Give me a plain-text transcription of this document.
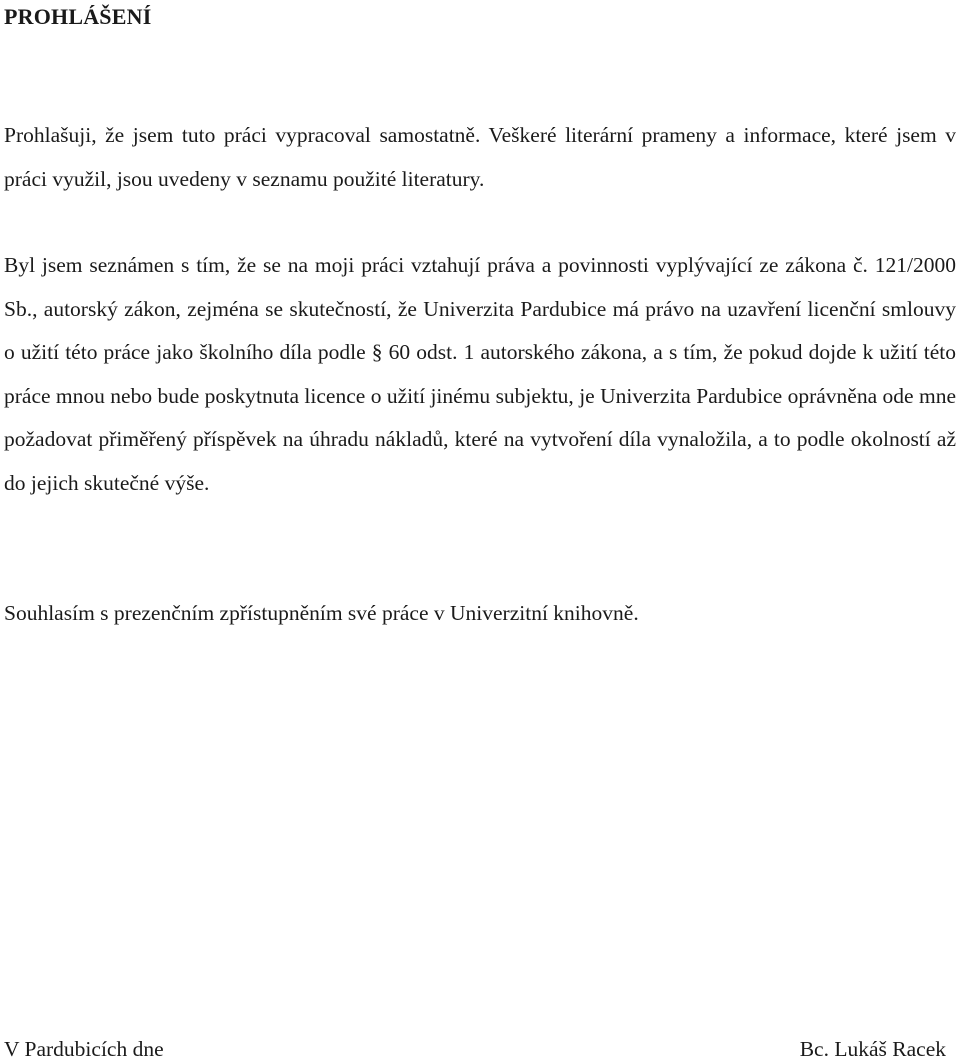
PROHLÁŠENÍ

Prohlašuji, že jsem tuto práci vypracoval samostatně. Veškeré literární prameny a informace, které jsem v práci využil, jsou uvedeny v seznamu použité literatury.

Byl jsem seznámen s tím, že se na moji práci vztahují práva a povinnosti vyplývající ze zákona č. 121/2000 Sb., autorský zákon, zejména se skutečností, že Univerzita Pardubice má právo na uzavření licenční smlouvy o užití této práce jako školního díla podle § 60 odst. 1 autorského zákona, a s tím, že pokud dojde k užití této práce mnou nebo bude poskytnuta licence o užití jinému subjektu, je Univerzita Pardubice oprávněna ode mne požadovat přiměřený příspěvek na úhradu nákladů, které na vytvoření díla vynaložila, a to podle okolností až do jejich skutečné výše.

Souhlasím s prezenčním zpřístupněním své práce v Univerzitní knihovně.

V Pardubicích dne	Bc. Lukáš Racek
